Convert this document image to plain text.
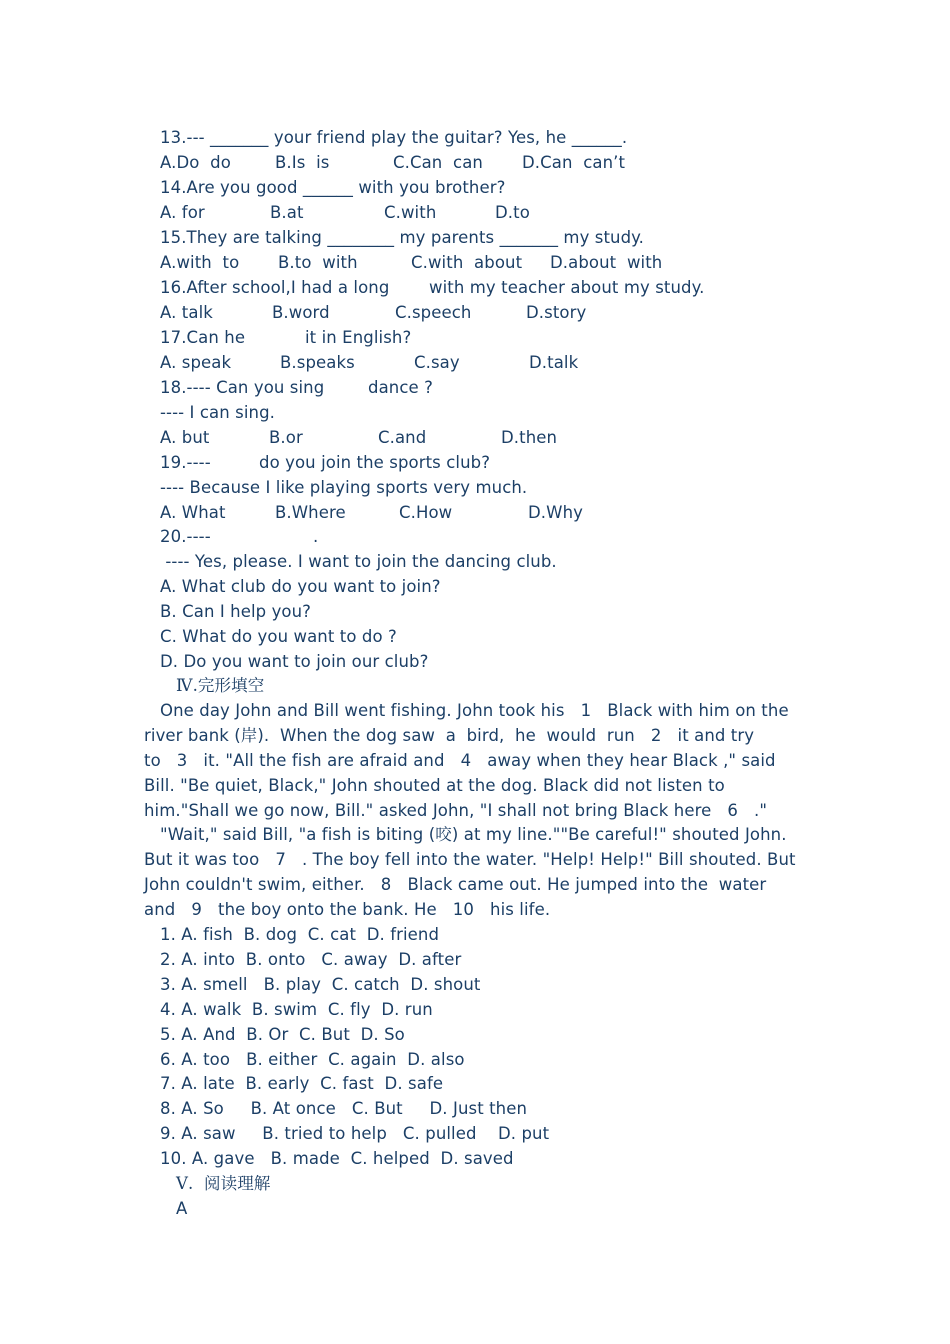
13.--- _______ your friend play the guitar? Yes, he ______.
A.Do  do	B.Is  is	C.Can  can D.Can  can’t
14.Are you good ______ with you brother?
A. for	B.at	C.with	D.to
15.They are talking ________ my parents _______ my study.
A.with  to B.to  with	C.with  about D.about  with
16.After school,I had a long with my teacher about my study.
A. talk	B.word	C.speech	D.story
17.Can he	it in English?
A. speak	B.speaks	C.say	D.talk
18.---- Can you sing	dance ?
---- I can sing.
A. but	B.or	C.and	D.then
19.----	do you join the sports club?
---- Because I like playing sports very much.
A. What	B.Where	C.How	D.Why
20.----	.
---- Yes, please. I want to join the dancing club.
A. What club do you want to join?
B. Can I help you?
C. What do you want to do ?
D. Do you want to join our club?
Ⅳ.完形填空
One day John and Bill went fishing. John took his   1   Black with him on the
river bank (岸).  When the dog saw  a  bird,  he  would  run   2   it and try
to   3   it. "All the fish are afraid and   4   away when they hear Black ," said
Bill. "Be quiet, Black," John shouted at the dog. Black did not listen to
him."Shall we go now, Bill." asked John, "I shall not bring Black here   6   ."
"Wait," said Bill, "a fish is biting (咬) at my line.""Be careful!" shouted John.
But it was too   7   . The boy fell into the water. "Help! Help!" Bill shouted. But
John couldn't swim, either.   8   Black came out. He jumped into the  water
and   9   the boy onto the bank. He   10   his life.
1. A. fish  B. dog  C. cat  D. friend
2. A. into  B. onto   C. away  D. after
3. A. smell   B. play  C. catch  D. shout
4. A. walk  B. swim  C. fly  D. run
5. A. And  B. Or  C. But  D. So
6. A. too   B. either  C. again  D. also
7. A. late  B. early  C. fast  D. safe
8. A. So     B. At once   C. But     D. Just then
9. A. saw     B. tried to help   C. pulled    D. put
10. A. gave   B. made  C. helped  D. saved
Ⅴ.  阅读理解
A
